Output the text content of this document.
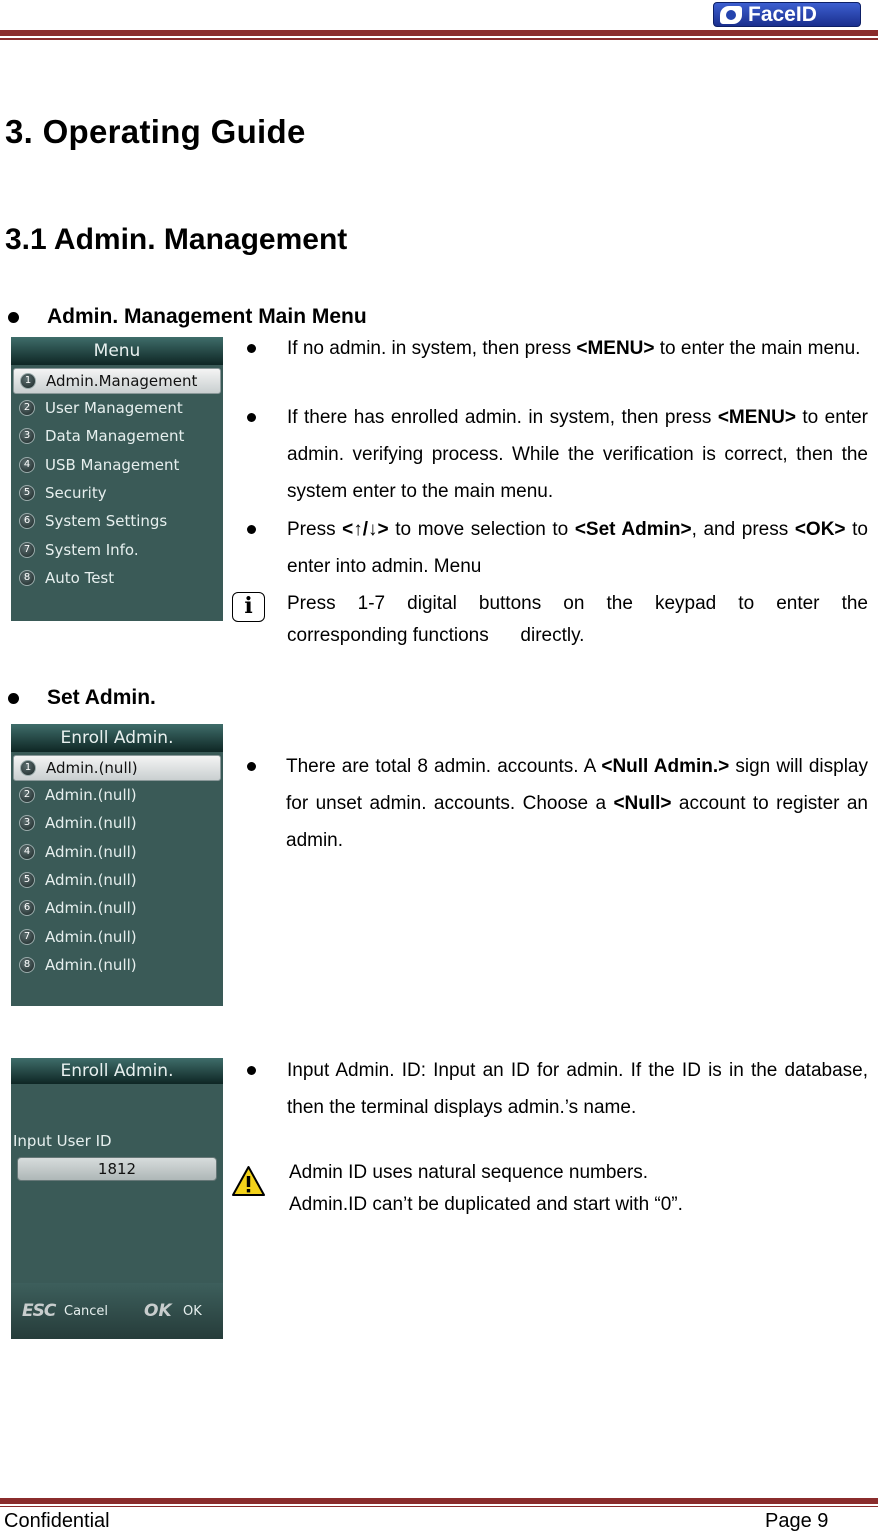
FaceID
3. Operating Guide
3.1 Admin. Management
Admin. Management Main Menu
Menu
1 Admin.Management
2 User Management
3 Data Management
4 USB Management
5 Security
6 System Settings
7 System Info.
8 Auto Test
If no admin. in system, then press <MENU> to enter the main menu.
If there has enrolled admin. in system, then press <MENU> to enter admin. verifying process. While the verification is correct, then the system enter to the main menu.
Press <↑/↓> to move selection to <Set Admin>, and press <OK> to enter into admin. Menu
i	Press 1-7 digital buttons on the keypad to enter the
corresponding functions      directly.
Set Admin.
Enroll Admin.
1 Admin.(null)
2 Admin.(null)
3 Admin.(null)
4 Admin.(null)
5 Admin.(null)
6 Admin.(null)
7 Admin.(null)
8 Admin.(null)
There are total 8 admin. accounts. A <Null Admin.> sign will display for unset admin. accounts. Choose a <Null> account to register an admin.
Enroll Admin.
Input User ID
1812
ESC Cancel OK OK
Input Admin. ID: Input an ID for admin. If the ID is in the database, then the terminal displays admin.’s name.
Admin ID uses natural sequence numbers.
Admin.ID can’t be duplicated and start with “0”.
Confidential	Page 9
